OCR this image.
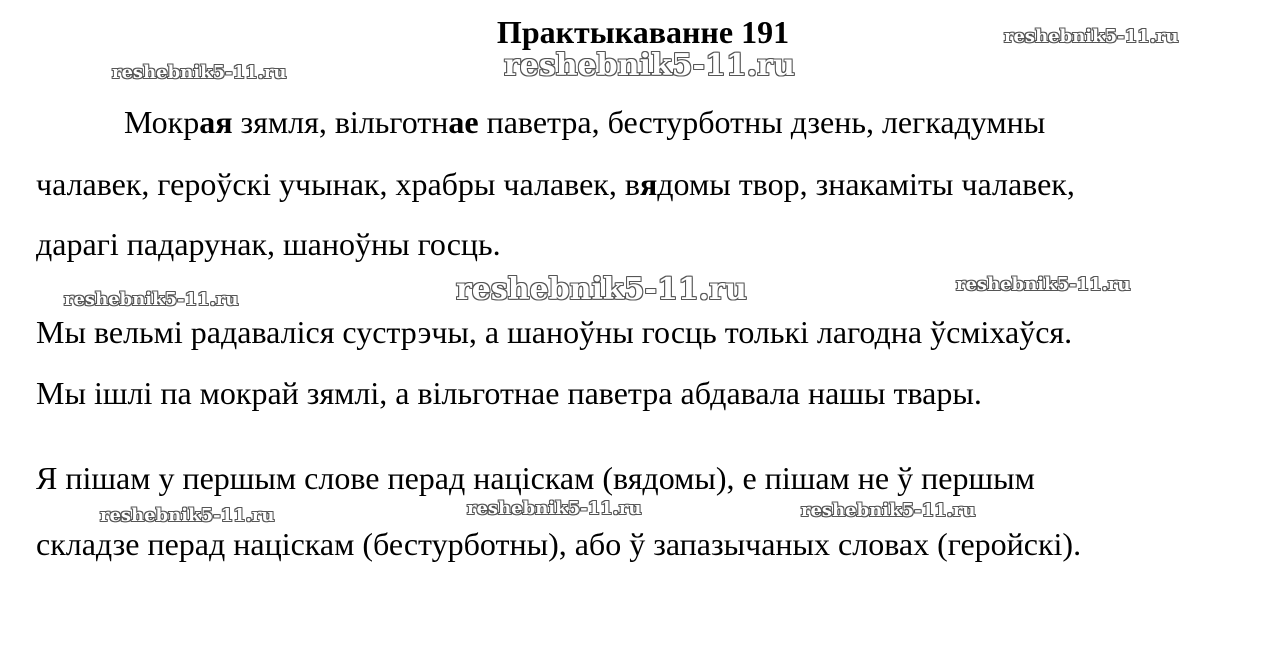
Практыкаванне 191
Мокрая зямля, вільготнае паветра, бестурботны дзень, легкадумны
чалавек, героўскі учынак, храбры чалавек, вядомы твор, знакаміты чалавек,
дарагі падарунак, шаноўны госць.
Мы вельмі радаваліся сустрэчы, а шаноўны госць толькі лагодна ўсміхаўся.
Мы ішлі па мокрай зямлі, а вільготнае паветра абдавала нашы твары.
Я пішам у першым слове перад націскам (вядомы), е пішам не ў першым
складзе перад націскам (бестурботны), або ў запазычаных словах (геройскі).
reshebnik5-11.ru
reshebnik5-11.ru	reshebnik5-11.ru
reshebnik5-11.ru	reshebnik5-11.ru	reshebnik5-11.ru
reshebnik5-11.ru	reshebnik5-11.ru	reshebnik5-11.ru
